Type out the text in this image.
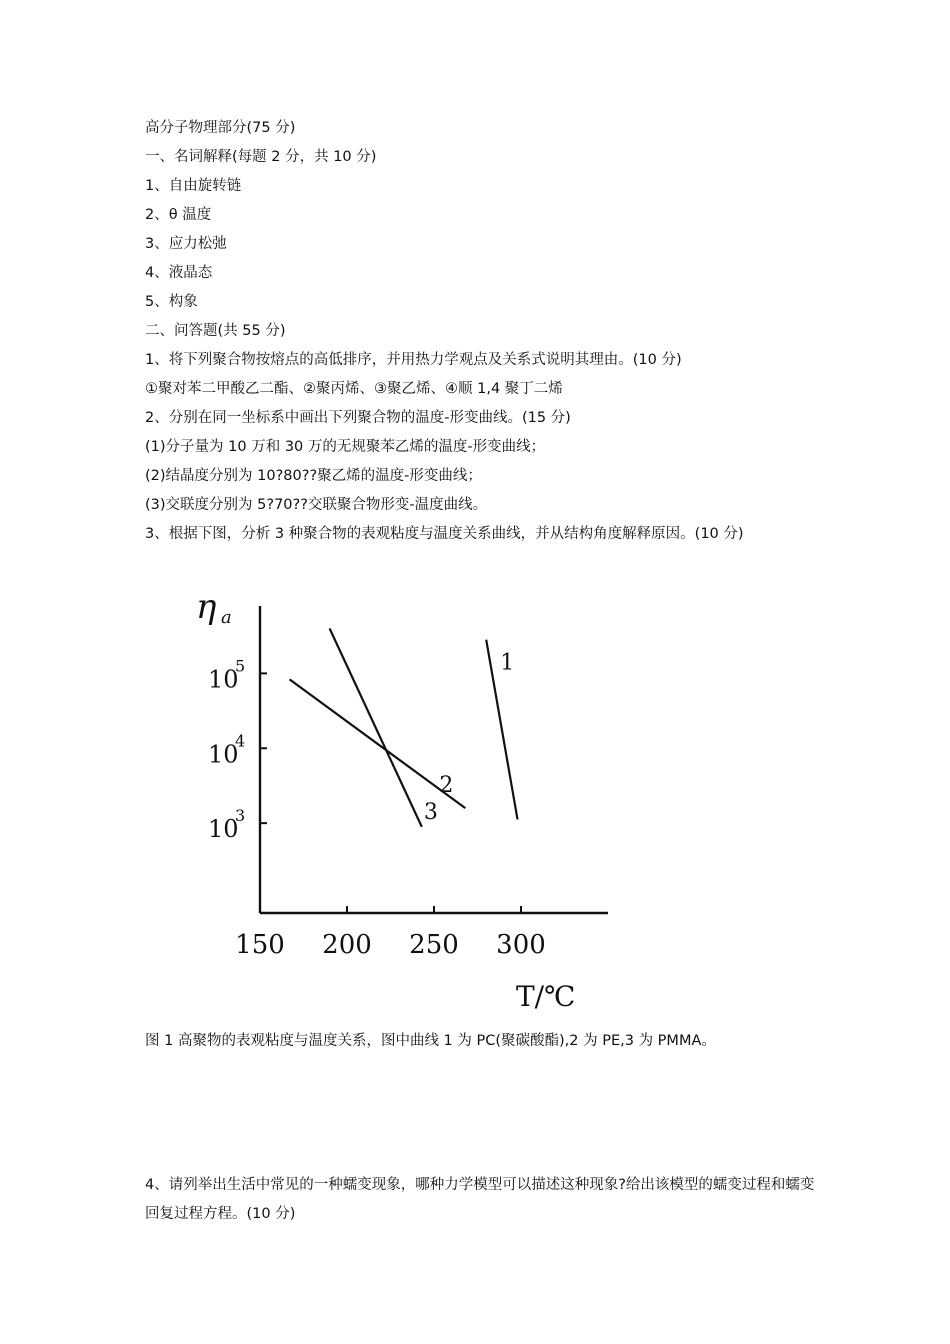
高分子物理部分(75 分)
一、名词解释(每题 2 分，共 10 分)
1、自由旋转链
2、θ 温度
3、应力松弛
4、液晶态
5、构象
二、问答题(共 55 分)
1、将下列聚合物按熔点的高低排序，并用热力学观点及关系式说明其理由。(10 分)
①聚对苯二甲酸乙二酯、②聚丙烯、③聚乙烯、④顺 1,4 聚丁二烯
2、分别在同一坐标系中画出下列聚合物的温度-形变曲线。(15 分)
(1)分子量为 10 万和 30 万的无规聚苯乙烯的温度-形变曲线；
(2)结晶度分别为 10?80??聚乙烯的温度-形变曲线；
(3)交联度分别为 5?70??交联聚合物形变-温度曲线。
3、根据下图，分析 3 种聚合物的表观粘度与温度关系曲线，并从结构角度解释原因。(10 分)
η a
10
5
10
4
10
3
150 200 250 300
1
2
3
T/℃
图 1 高聚物的表观粘度与温度关系，图中曲线 1 为 PC(聚碳酸酯),2 为 PE,3 为 PMMA。
4、请列举出生活中常见的一种蠕变现象，哪种力学模型可以描述这种现象?给出该模型的蠕变过程和蠕变回复过程方程。(10 分)
